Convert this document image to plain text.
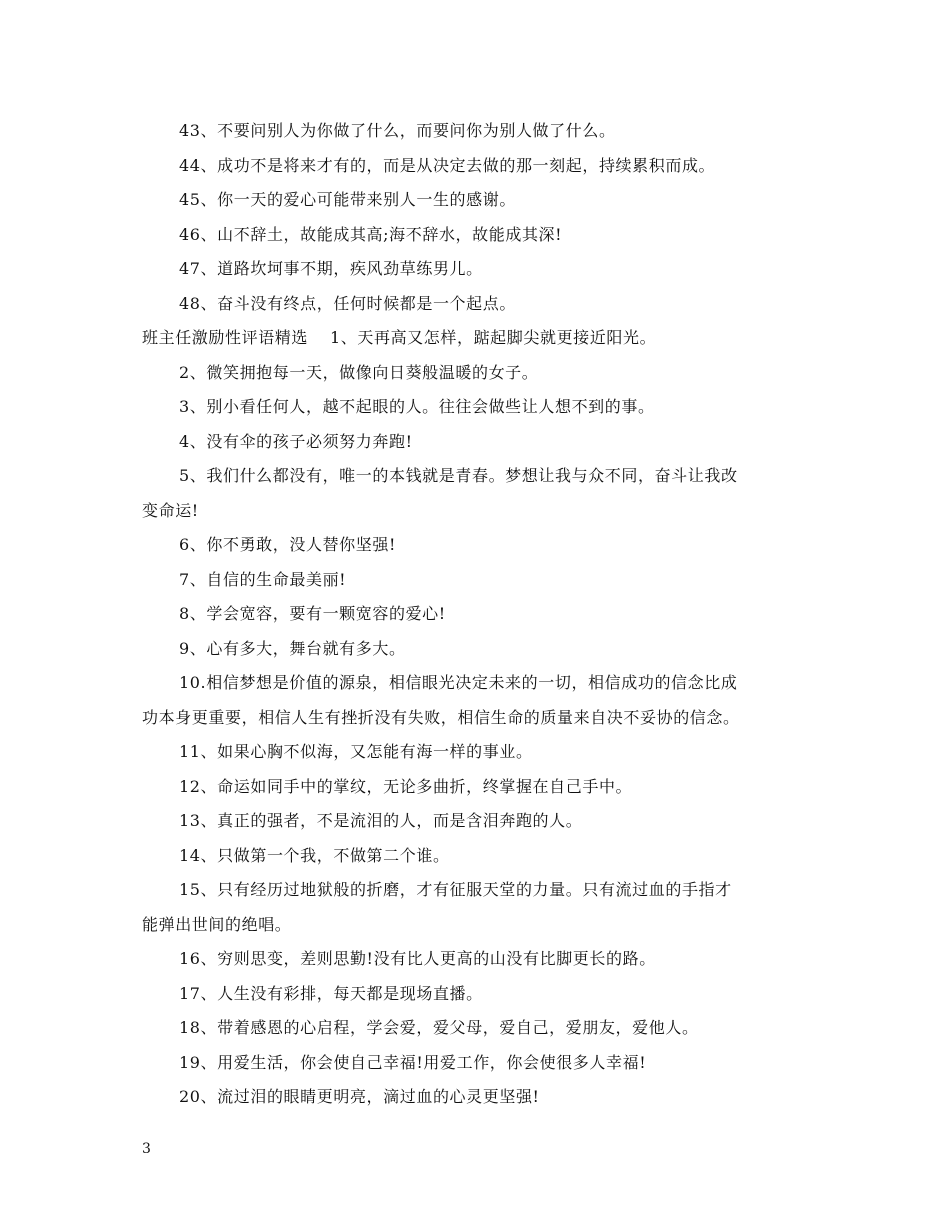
43、不要问别人为你做了什么，而要问你为别人做了什么。
44、成功不是将来才有的，而是从决定去做的那一刻起，持续累积而成。
45、你一天的爱心可能带来别人一生的感谢。
46、山不辞土，故能成其高;海不辞水，故能成其深!
47、道路坎坷事不期，疾风劲草练男儿。
48、奋斗没有终点，任何时候都是一个起点。
班主任激励性评语精选 1、天再高又怎样，踮起脚尖就更接近阳光。
2、微笑拥抱每一天，做像向日葵般温暖的女子。
3、别小看任何人，越不起眼的人。往往会做些让人想不到的事。
4、没有伞的孩子必须努力奔跑!
5、我们什么都没有，唯一的本钱就是青春。梦想让我与众不同，奋斗让我改
变命运!
6、你不勇敢，没人替你坚强!
7、自信的生命最美丽!
8、学会宽容，要有一颗宽容的爱心!
9、心有多大，舞台就有多大。
10.相信梦想是价值的源泉，相信眼光决定未来的一切，相信成功的信念比成
功本身更重要，相信人生有挫折没有失败，相信生命的质量来自决不妥协的信念。
11、如果心胸不似海，又怎能有海一样的事业。
12、命运如同手中的掌纹，无论多曲折，终掌握在自己手中。
13、真正的强者，不是流泪的人，而是含泪奔跑的人。
14、只做第一个我，不做第二个谁。
15、只有经历过地狱般的折磨，才有征服天堂的力量。只有流过血的手指才
能弹出世间的绝唱。
16、穷则思变，差则思勤!没有比人更高的山没有比脚更长的路。
17、人生没有彩排，每天都是现场直播。
18、带着感恩的心启程，学会爱，爱父母，爱自己，爱朋友，爱他人。
19、用爱生活，你会使自己幸福!用爱工作，你会使很多人幸福!
20、流过泪的眼睛更明亮，滴过血的心灵更坚强!
3
